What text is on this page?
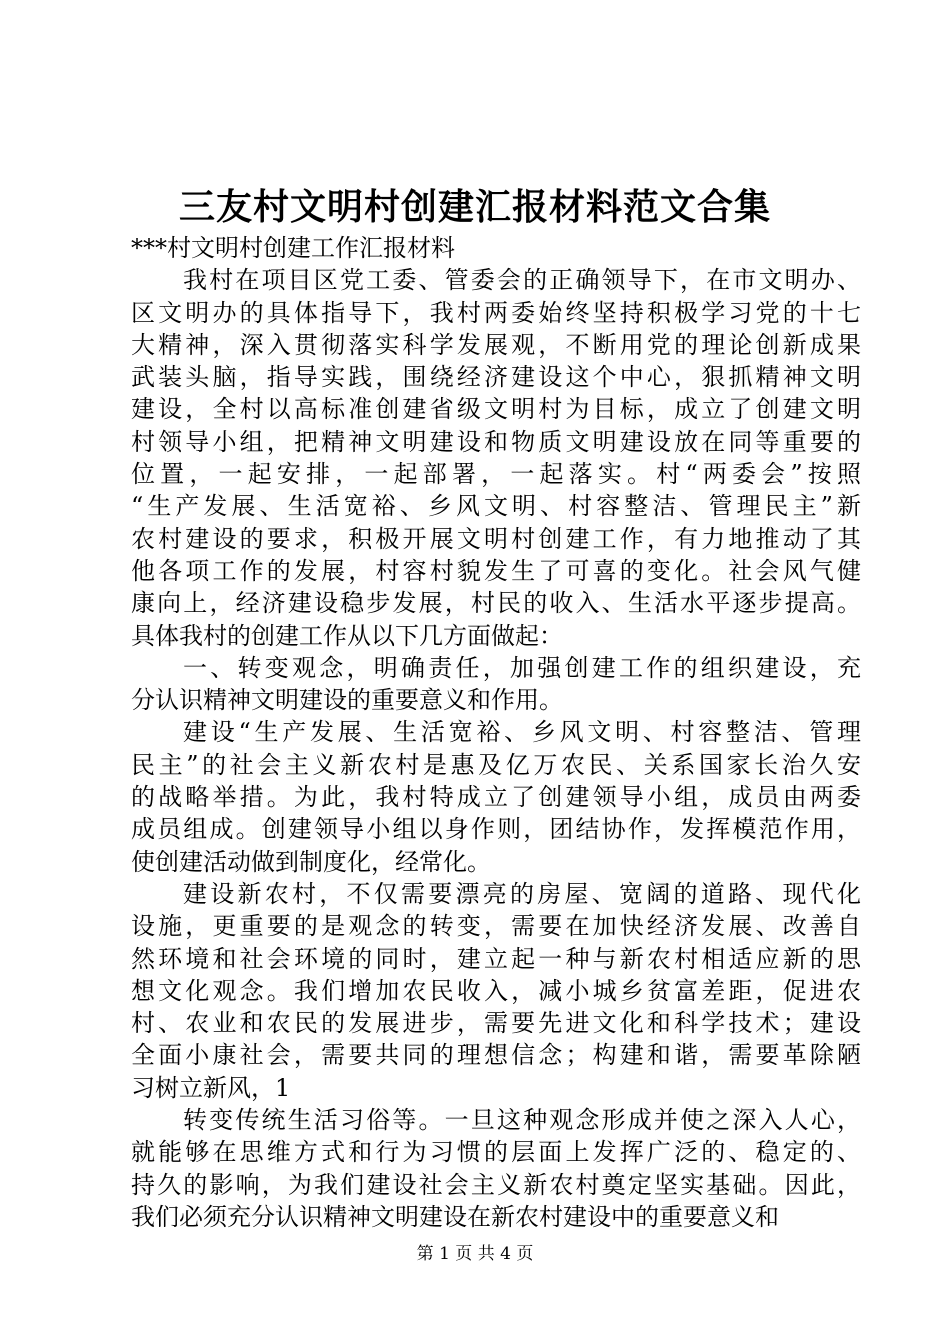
三友村文明村创建汇报材料范文合集

***村文明村创建工作汇报材料

我村在项目区党工委、管委会的正确领导下，在市文明办、
区文明办的具体指导下，我村两委始终坚持积极学习党的十七
大精神，深入贯彻落实科学发展观，不断用党的理论创新成果
武装头脑，指导实践，围绕经济建设这个中心，狠抓精神文明
建设，全村以高标准创建省级文明村为目标，成立了创建文明
村领导小组，把精神文明建设和物质文明建设放在同等重要的
位置，一起安排，一起部署，一起落实。村“两委会”按照
“生产发展、生活宽裕、乡风文明、村容整洁、管理民主”新
农村建设的要求，积极开展文明村创建工作，有力地推动了其
他各项工作的发展，村容村貌发生了可喜的变化。社会风气健
康向上，经济建设稳步发展，村民的收入、生活水平逐步提高。
具体我村的创建工作从以下几方面做起：

一、转变观念，明确责任，加强创建工作的组织建设，充
分认识精神文明建设的重要意义和作用。

建设“生产发展、生活宽裕、乡风文明、村容整洁、管理
民主”的社会主义新农村是惠及亿万农民、关系国家长治久安
的战略举措。为此，我村特成立了创建领导小组，成员由两委
成员组成。创建领导小组以身作则，团结协作，发挥模范作用，
使创建活动做到制度化，经常化。

建设新农村，不仅需要漂亮的房屋、宽阔的道路、现代化
设施，更重要的是观念的转变，需要在加快经济发展、改善自
然环境和社会环境的同时，建立起一种与新农村相适应新的思
想文化观念。我们增加农民收入，减小城乡贫富差距，促进农
村、农业和农民的发展进步，需要先进文化和科学技术；建设
全面小康社会，需要共同的理想信念；构建和谐，需要革除陋
习树立新风，1

转变传统生活习俗等。一旦这种观念形成并使之深入人心，
就能够在思维方式和行为习惯的层面上发挥广泛的、稳定的、
持久的影响，为我们建设社会主义新农村奠定坚实基础。因此，
我们必须充分认识精神文明建设在新农村建设中的重要意义和

第 1 页 共 4 页
